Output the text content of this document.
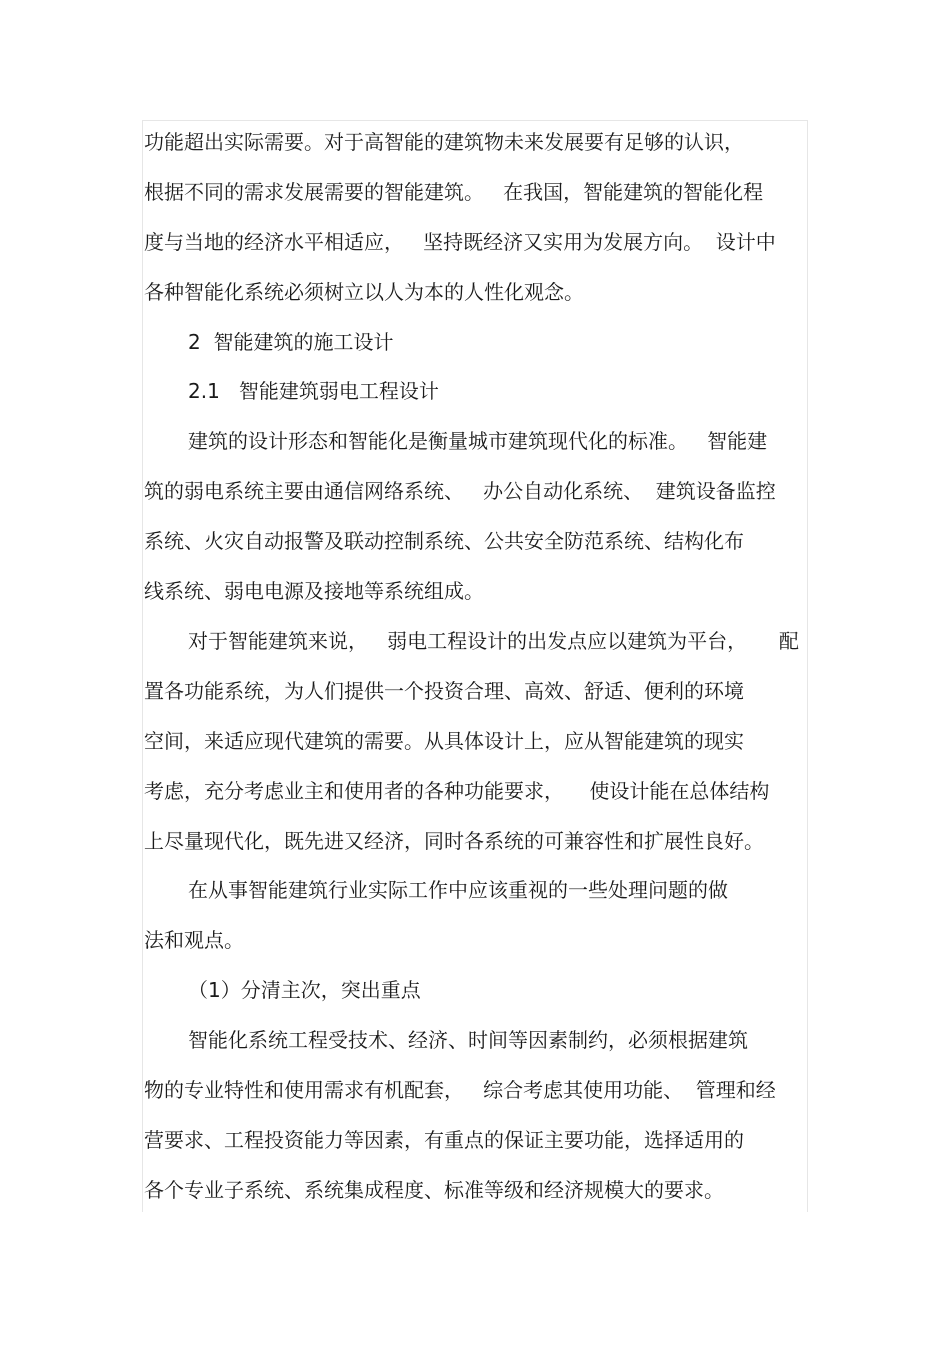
功能超出实际需要。对于高智能的建筑物未来发展要有足够的认识，
根据不同的需求发展需要的智能建筑。   在我国，智能建筑的智能化程
度与当地的经济水平相适应，   坚持既经济又实用为发展方向。  设计中
各种智能化系统必须树立以人为本的人性化观念。
2  智能建筑的施工设计
2.1   智能建筑弱电工程设计
建筑的设计形态和智能化是衡量城市建筑现代化的标准。   智能建
筑的弱电系统主要由通信网络系统、   办公自动化系统、  建筑设备监控
系统、火灾自动报警及联动控制系统、公共安全防范系统、结构化布
线系统、弱电电源及接地等系统组成。
对于智能建筑来说，   弱电工程设计的出发点应以建筑为平台，     配
置各功能系统，为人们提供一个投资合理、高效、舒适、便利的环境
空间，来适应现代建筑的需要。从具体设计上，应从智能建筑的现实
考虑，充分考虑业主和使用者的各种功能要求，    使设计能在总体结构
上尽量现代化，既先进又经济，同时各系统的可兼容性和扩展性良好。
在从事智能建筑行业实际工作中应该重视的一些处理问题的做
法和观点。
（1）分清主次，突出重点
智能化系统工程受技术、经济、时间等因素制约，必须根据建筑
物的专业特性和使用需求有机配套，   综合考虑其使用功能、  管理和经
营要求、工程投资能力等因素，有重点的保证主要功能，选择适用的
各个专业子系统、系统集成程度、标准等级和经济规模大的要求。
